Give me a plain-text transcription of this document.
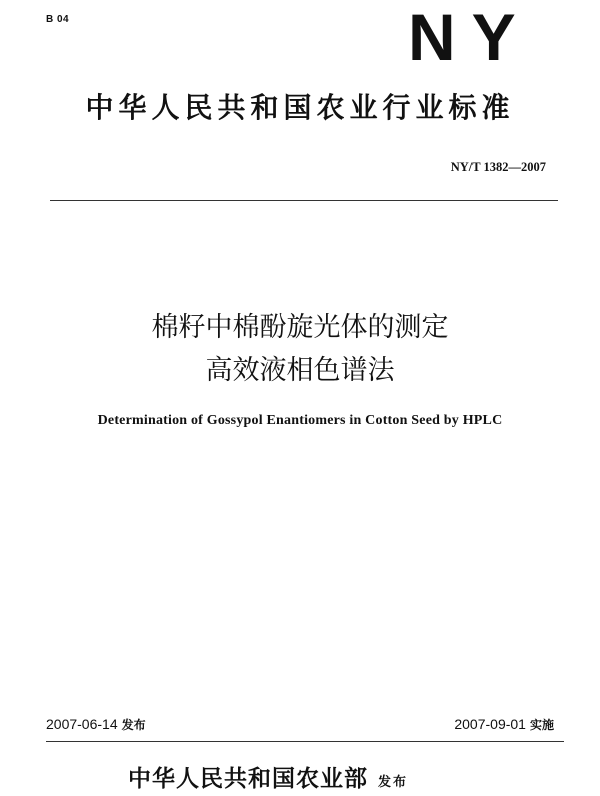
B 04	NY
中华人民共和国农业行业标准
NY/T 1382—2007
棉籽中棉酚旋光体的测定
高效液相色谱法
Determination of Gossypol Enantiomers in Cotton Seed by HPLC
2007-06-14 发布	2007-09-01 实施
中华人民共和国农业部 发布
